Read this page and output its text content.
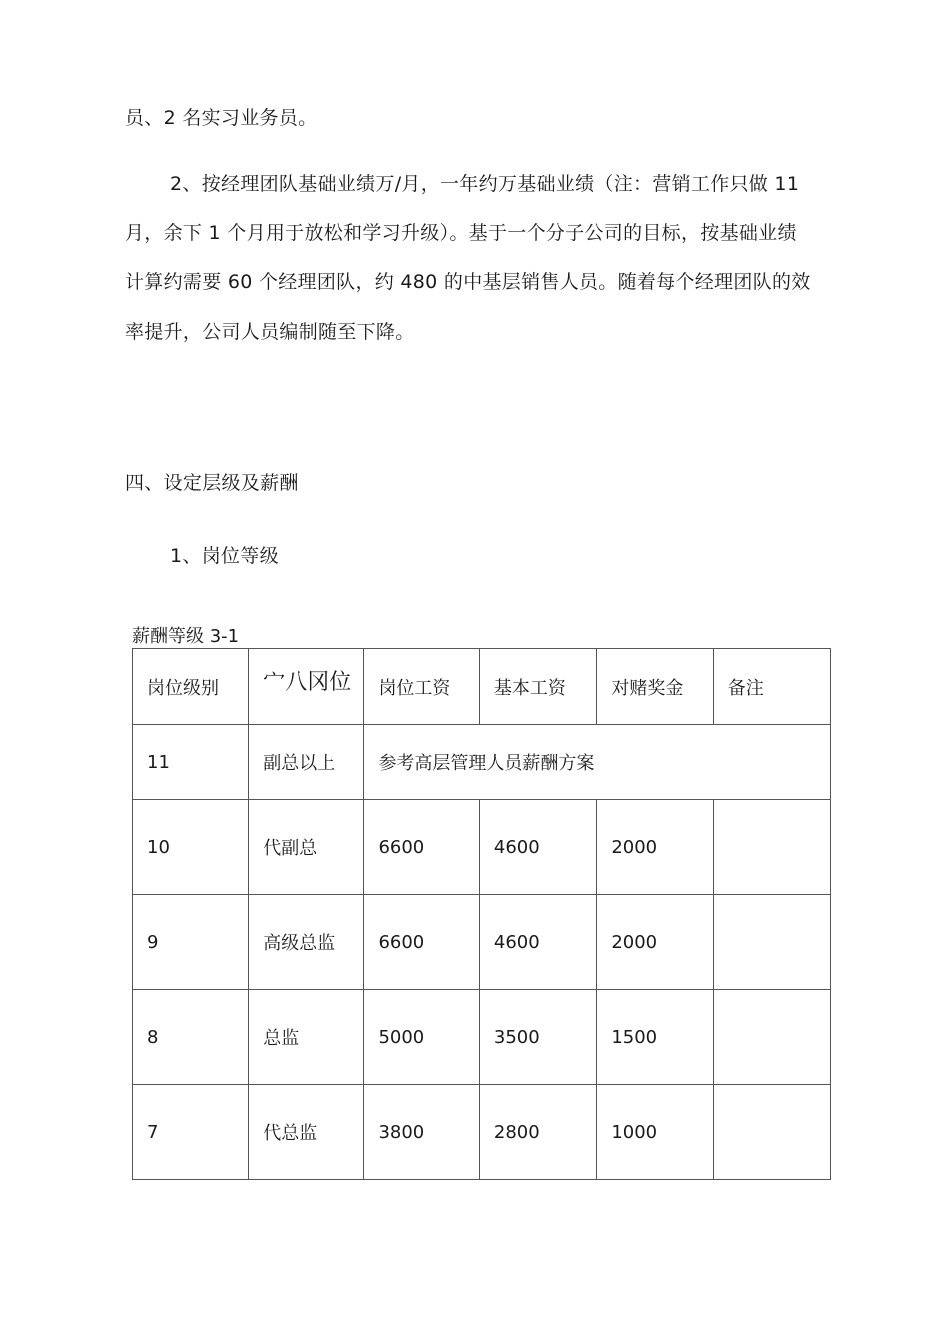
员、2 名实习业务员。
2、按经理团队基础业绩万/月，一年约万基础业绩（注：营销工作只做 11
月，余下 1 个月用于放松和学习升级）。基于一个分子公司的目标，按基础业绩
计算约需要 60 个经理团队，约 480 的中基层销售人员。随着每个经理团队的效
率提升，公司人员编制随至下降。
四、设定层级及薪酬
1、岗位等级
薪酬等级 3-1
岗位级别	宀八冈位	岗位工资	基本工资	对赌奖金	备注
11	副总以上	参考高层管理人员薪酬方案			
10	代副总	6600	4600	2000	
9	高级总监	6600	4600	2000	
8	总监	5000	3500	1500	
7	代总监	3800	2800	1000	
